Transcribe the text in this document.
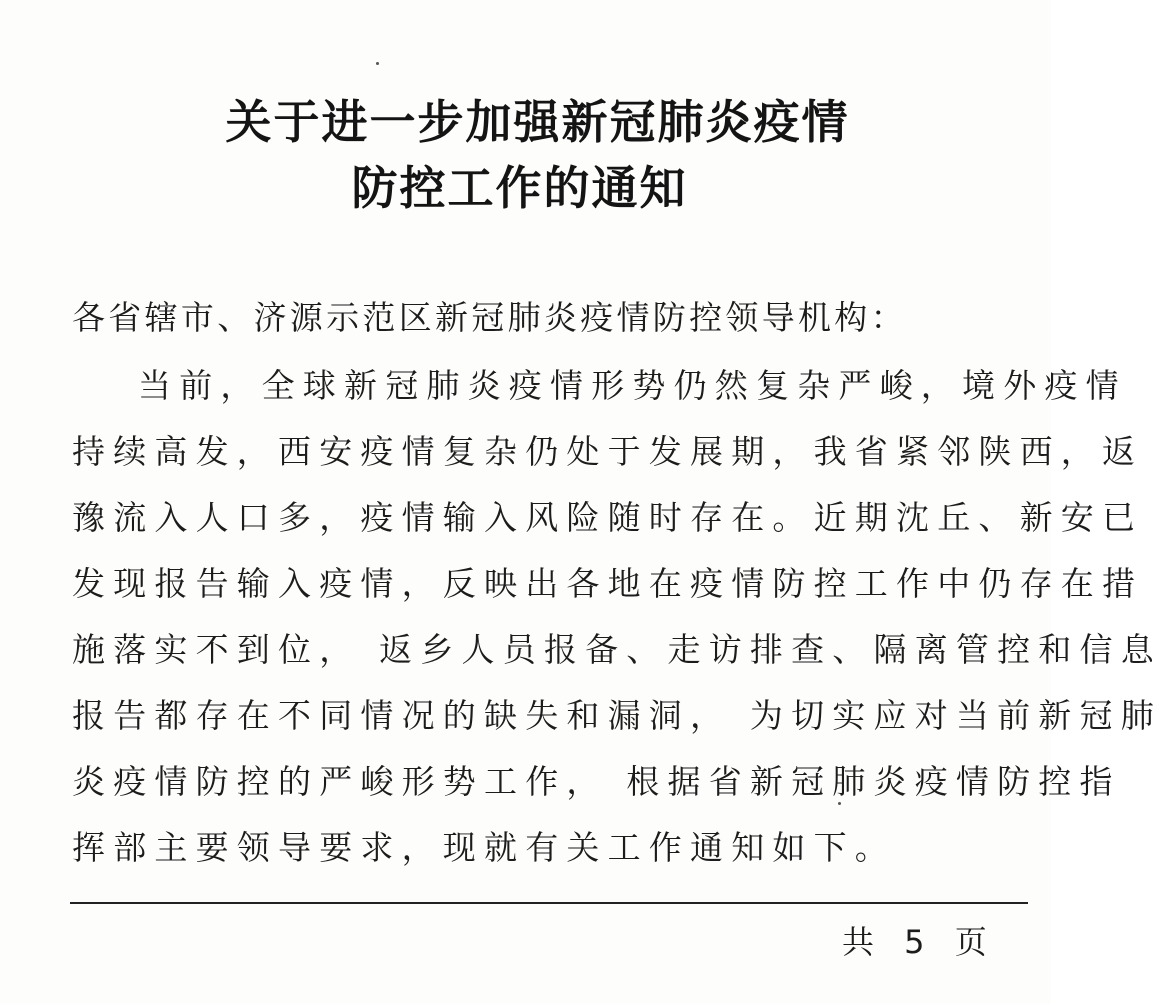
关于进一步加强新冠肺炎疫情
防控工作的通知
各省辖市、济源示范区新冠肺炎疫情防控领导机构：
当前，全球新冠肺炎疫情形势仍然复杂严峻，境外疫情
持续高发，西安疫情复杂仍处于发展期，我省紧邻陕西，返
豫流入人口多，疫情输入风险随时存在。近期沈丘、新安已
发现报告输入疫情，反映出各地在疫情防控工作中仍存在措
施落实不到位， 返乡人员报备、走访排查、隔离管控和信息
报告都存在不同情况的缺失和漏洞， 为切实应对当前新冠肺
炎疫情防控的严峻形势工作， 根据省新冠肺炎疫情防控指
挥部主要领导要求，现就有关工作通知如下。
共 5 页
